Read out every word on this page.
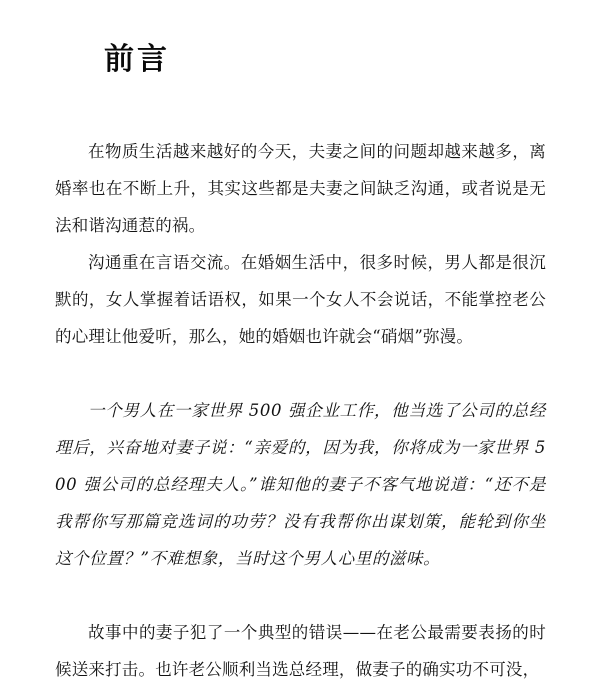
前言

在物质生活越来越好的今天，夫妻之间的问题却越来越多，离婚率也在不断上升，其实这些都是夫妻之间缺乏沟通，或者说是无法和谐沟通惹的祸。

沟通重在言语交流。在婚姻生活中，很多时候，男人都是很沉默的，女人掌握着话语权，如果一个女人不会说话，不能掌控老公的心理让他爱听，那么，她的婚姻也许就会“硝烟”弥漫。

一个男人在一家世界 500 强企业工作，他当选了公司的总经理后，兴奋地对妻子说：“亲爱的，因为我，你将成为一家世界 500 强公司的总经理夫人。”谁知他的妻子不客气地说道：“还不是我帮你写那篇竞选词的功劳？没有我帮你出谋划策，能轮到你坐这个位置？”不难想象，当时这个男人心里的滋味。

故事中的妻子犯了一个典型的错误——在老公最需要表扬的时候送来打击。也许老公顺利当选总经理，做妻子的确实功不可没，
